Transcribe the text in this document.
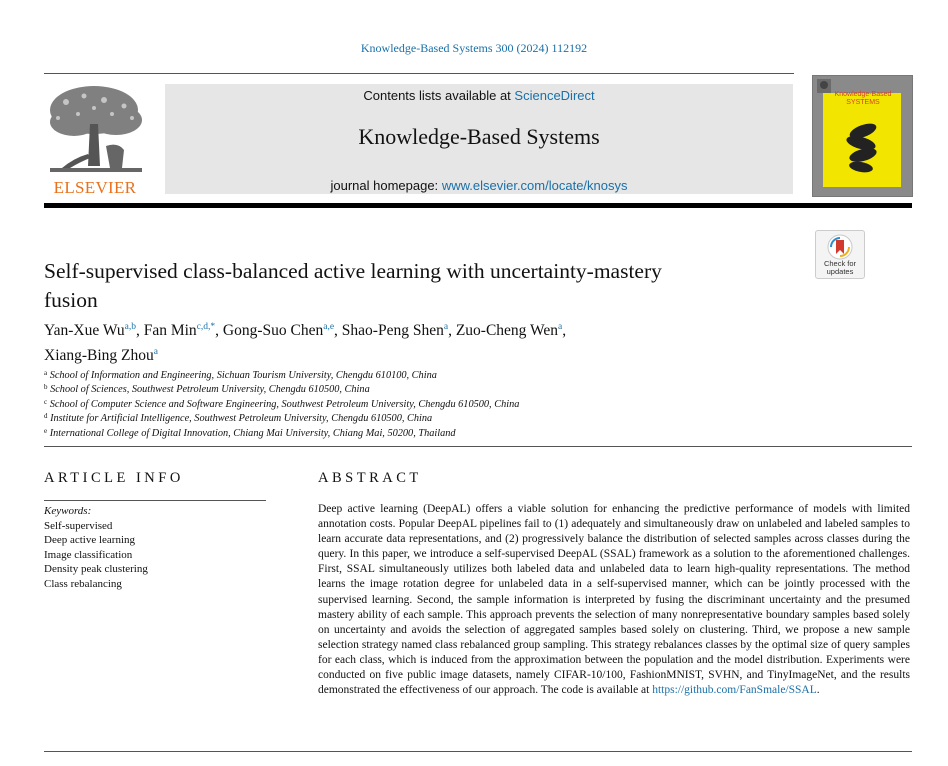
Knowledge-Based Systems 300 (2024) 112192
ELSEVIER
Contents lists available at ScienceDirect
Knowledge-Based Systems
journal homepage: www.elsevier.com/locate/knosys
Knowledge-Based SYSTEMS
Check for updates
Self-supervised class-balanced active learning with uncertainty-mastery
fusion
Yan-Xue Wu$^{a,b}$, Fan Min$^{c,d,*}$, Gong-Suo Chen$^{a,e}$, Shao-Peng Shen$^a$, Zuo-Cheng Wen$^a$,
Xiang-Bing Zhou$^a$
$^a$ School of Information and Engineering, Sichuan Tourism University, Chengdu 610100, China
$^b$ School of Sciences, Southwest Petroleum University, Chengdu 610500, China
$^c$ School of Computer Science and Software Engineering, Southwest Petroleum University, Chengdu 610500, China
$^d$ Institute for Artificial Intelligence, Southwest Petroleum University, Chengdu 610500, China
$^e$ International College of Digital Innovation, Chiang Mai University, Chiang Mai, 50200, Thailand
ARTICLE INFO
Keywords:
Self-supervised
Deep active learning
Image classification
Density peak clustering
Class rebalancing
ABSTRACT
Deep active learning (DeepAL) offers a viable solution for enhancing the predictive performance of models with limited annotation costs. Popular DeepAL pipelines fail to (1) adequately and simultaneously draw on unlabeled and labeled samples to learn accurate data representations, and (2) progressively balance the distribution of selected samples across classes during the query. In this paper, we introduce a self-supervised DeepAL (SSAL) framework as a solution to the aforementioned challenges. First, SSAL simultaneously utilizes both labeled data and unlabeled data to learn high-quality representations. The method learns the image rotation degree for unlabeled data in a self-supervised manner, which can be jointly processed with the supervised learning. Second, the sample information is interpreted by fusing the discriminant uncertainty and the presumed mastery ability of each sample. This approach prevents the selection of many nonrepresentative boundary samples based solely on uncertainty and avoids the selection of aggregated samples based solely on clustering. Third, we propose a new sample selection strategy named class rebalanced group sampling. This strategy rebalances classes by the optimal size of query samples for each class, which is induced from the approximation between the population and the model distribution. Experiments were conducted on five public image datasets, namely CIFAR-10/100, FashionMNIST, SVHN, and TinyImageNet, and the results demonstrated the effectiveness of our approach. The code is available at https://github.com/FanSmale/SSAL.
